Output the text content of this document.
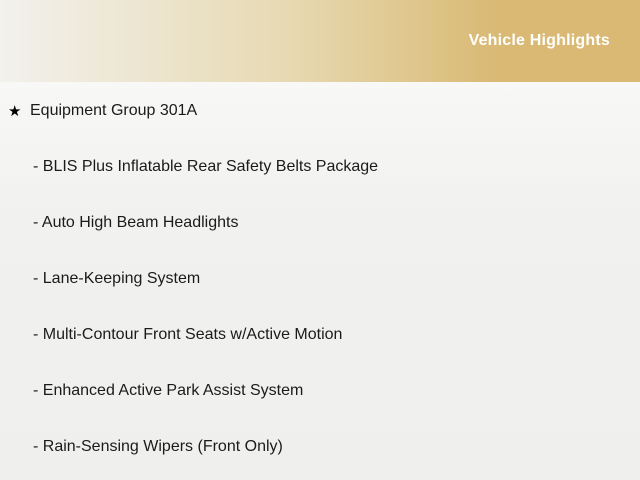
Vehicle Highlights
★ Equipment Group 301A
- BLIS Plus Inflatable Rear Safety Belts Package
- Auto High Beam Headlights
- Lane-Keeping System
- Multi-Contour Front Seats w/Active Motion
- Enhanced Active Park Assist System
- Rain-Sensing Wipers (Front Only)
